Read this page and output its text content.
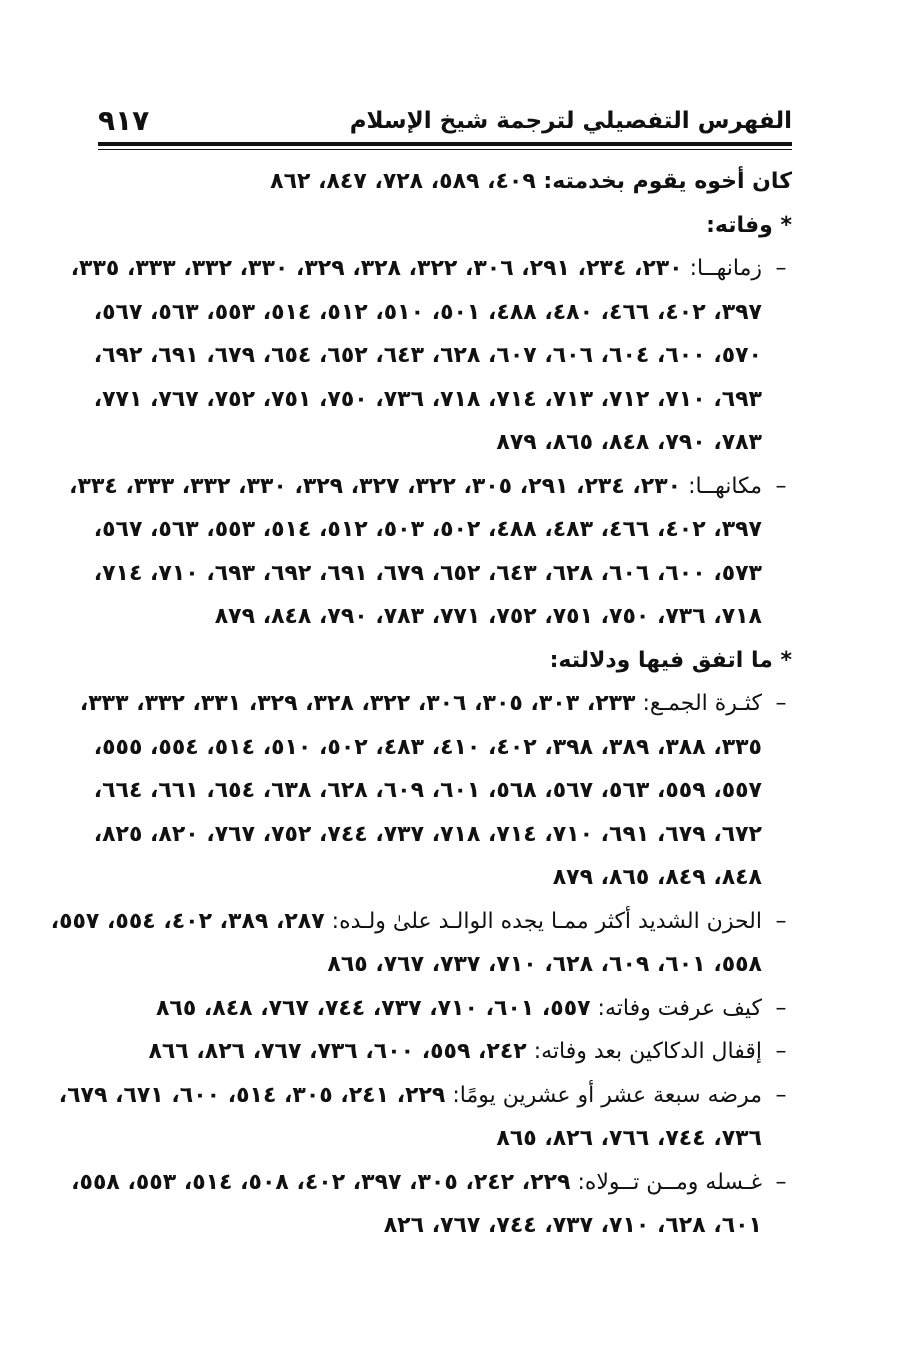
الفهرس التفصيلي لترجمة شيخ الإسلام
٩١٧
كان أخوه يقوم بخدمته: ٤٠٩، ٥٨٩، ٧٢٨، ٨٤٧، ٨٦٢
* وفاته:
–
زمانهــا: ٢٣٠، ٢٣٤، ٢٩١، ٣٠٦، ٣٢٢، ٣٢٨، ٣٢٩، ٣٣٠، ٣٣٢، ٣٣٣، ٣٣٥،
٣٩٧، ٤٠٢، ٤٦٦، ٤٨٠، ٤٨٨، ٥٠١، ٥١٠، ٥١٢، ٥١٤، ٥٥٣، ٥٦٣، ٥٦٧،
٥٧٠، ٦٠٠، ٦٠٤، ٦٠٦، ٦٠٧، ٦٢٨، ٦٤٣، ٦٥٢، ٦٥٤، ٦٧٩، ٦٩١، ٦٩٢،
٦٩٣، ٧١٠، ٧١٢، ٧١٣، ٧١٤، ٧١٨، ٧٣٦، ٧٥٠، ٧٥١، ٧٥٢، ٧٦٧، ٧٧١،
٧٨٣، ٧٩٠، ٨٤٨، ٨٦٥، ٨٧٩
–
مكانهــا: ٢٣٠، ٢٣٤، ٢٩١، ٣٠٥، ٣٢٢، ٣٢٧، ٣٢٩، ٣٣٠، ٣٣٢، ٣٣٣، ٣٣٤،
٣٩٧، ٤٠٢، ٤٦٦، ٤٨٣، ٤٨٨، ٥٠٢، ٥٠٣، ٥١٢، ٥١٤، ٥٥٣، ٥٦٣، ٥٦٧،
٥٧٣، ٦٠٠، ٦٠٦، ٦٢٨، ٦٤٣، ٦٥٢، ٦٧٩، ٦٩١، ٦٩٢، ٦٩٣، ٧١٠، ٧١٤،
٧١٨، ٧٣٦، ٧٥٠، ٧٥١، ٧٥٢، ٧٧١، ٧٨٣، ٧٩٠، ٨٤٨، ٨٧٩
* ما اتفق فيها ودلالته:
–
كثـرة الجمـع: ٢٣٣، ٣٠٣، ٣٠٥، ٣٠٦، ٣٢٢، ٣٢٨، ٣٢٩، ٣٣١، ٣٣٢، ٣٣٣،
٣٣٥، ٣٨٨، ٣٨٩، ٣٩٨، ٤٠٢، ٤١٠، ٤٨٣، ٥٠٢، ٥١٠، ٥١٤، ٥٥٤، ٥٥٥،
٥٥٧، ٥٥٩، ٥٦٣، ٥٦٧، ٥٦٨، ٦٠١، ٦٠٩، ٦٢٨، ٦٣٨، ٦٥٤، ٦٦١، ٦٦٤،
٦٧٢، ٦٧٩، ٦٩١، ٧١٠، ٧١٤، ٧١٨، ٧٣٧، ٧٤٤، ٧٥٢، ٧٦٧، ٨٢٠، ٨٢٥،
٨٤٨، ٨٤٩، ٨٦٥، ٨٧٩
–
الحزن الشديد أكثر ممـا يجده الوالـد علىٰ ولـده: ٢٨٧، ٣٨٩، ٤٠٢، ٥٥٤، ٥٥٧،
٥٥٨، ٦٠١، ٦٠٩، ٦٢٨، ٧١٠، ٧٣٧، ٧٦٧، ٨٦٥
–
كيف عرفت وفاته: ٥٥٧، ٦٠١، ٧١٠، ٧٣٧، ٧٤٤، ٧٦٧، ٨٤٨، ٨٦٥
–
إقفال الدكاكين بعد وفاته: ٢٤٢، ٥٥٩، ٦٠٠، ٧٣٦، ٧٦٧، ٨٢٦، ٨٦٦
–
مرضه سبعة عشر أو عشرين يومًا: ٢٢٩، ٢٤١، ٣٠٥، ٥١٤، ٦٠٠، ٦٧١، ٦٧٩،
٧٣٦، ٧٤٤، ٧٦٦، ٨٢٦، ٨٦٥
–
غـسله ومــن تــولاه: ٢٢٩، ٢٤٢، ٣٠٥، ٣٩٧، ٤٠٢، ٥٠٨، ٥١٤، ٥٥٣، ٥٥٨،
٦٠١، ٦٢٨، ٧١٠، ٧٣٧، ٧٤٤، ٧٦٧، ٨٢٦
